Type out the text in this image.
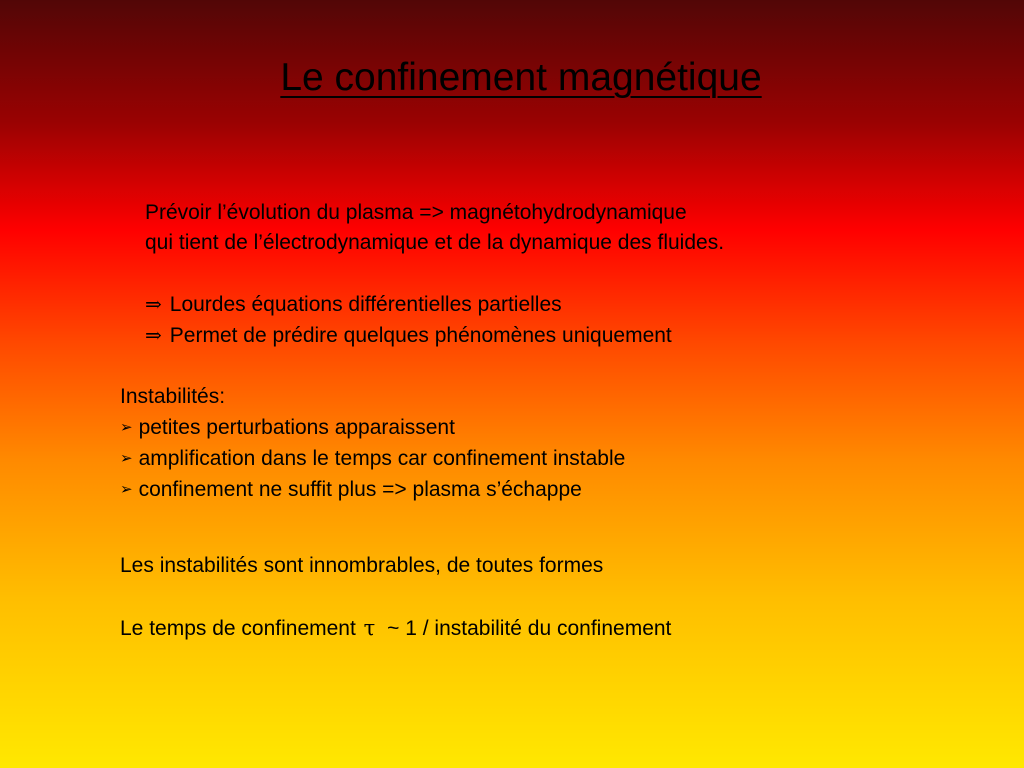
Le confinement magnétique
Prévoir l’évolution du plasma => magnétohydrodynamique
qui tient de l’électrodynamique et de la dynamique des fluides.
⇒ Lourdes équations différentielles partielles
⇒ Permet de prédire quelques phénomènes uniquement
Instabilités:
➢ petites perturbations apparaissent
➢ amplification dans le temps car confinement instable
➢ confinement ne suffit plus => plasma s’échappe
Les instabilités sont innombrables, de toutes formes
Le temps de confinement τ ~ 1 / instabilité du confinement
